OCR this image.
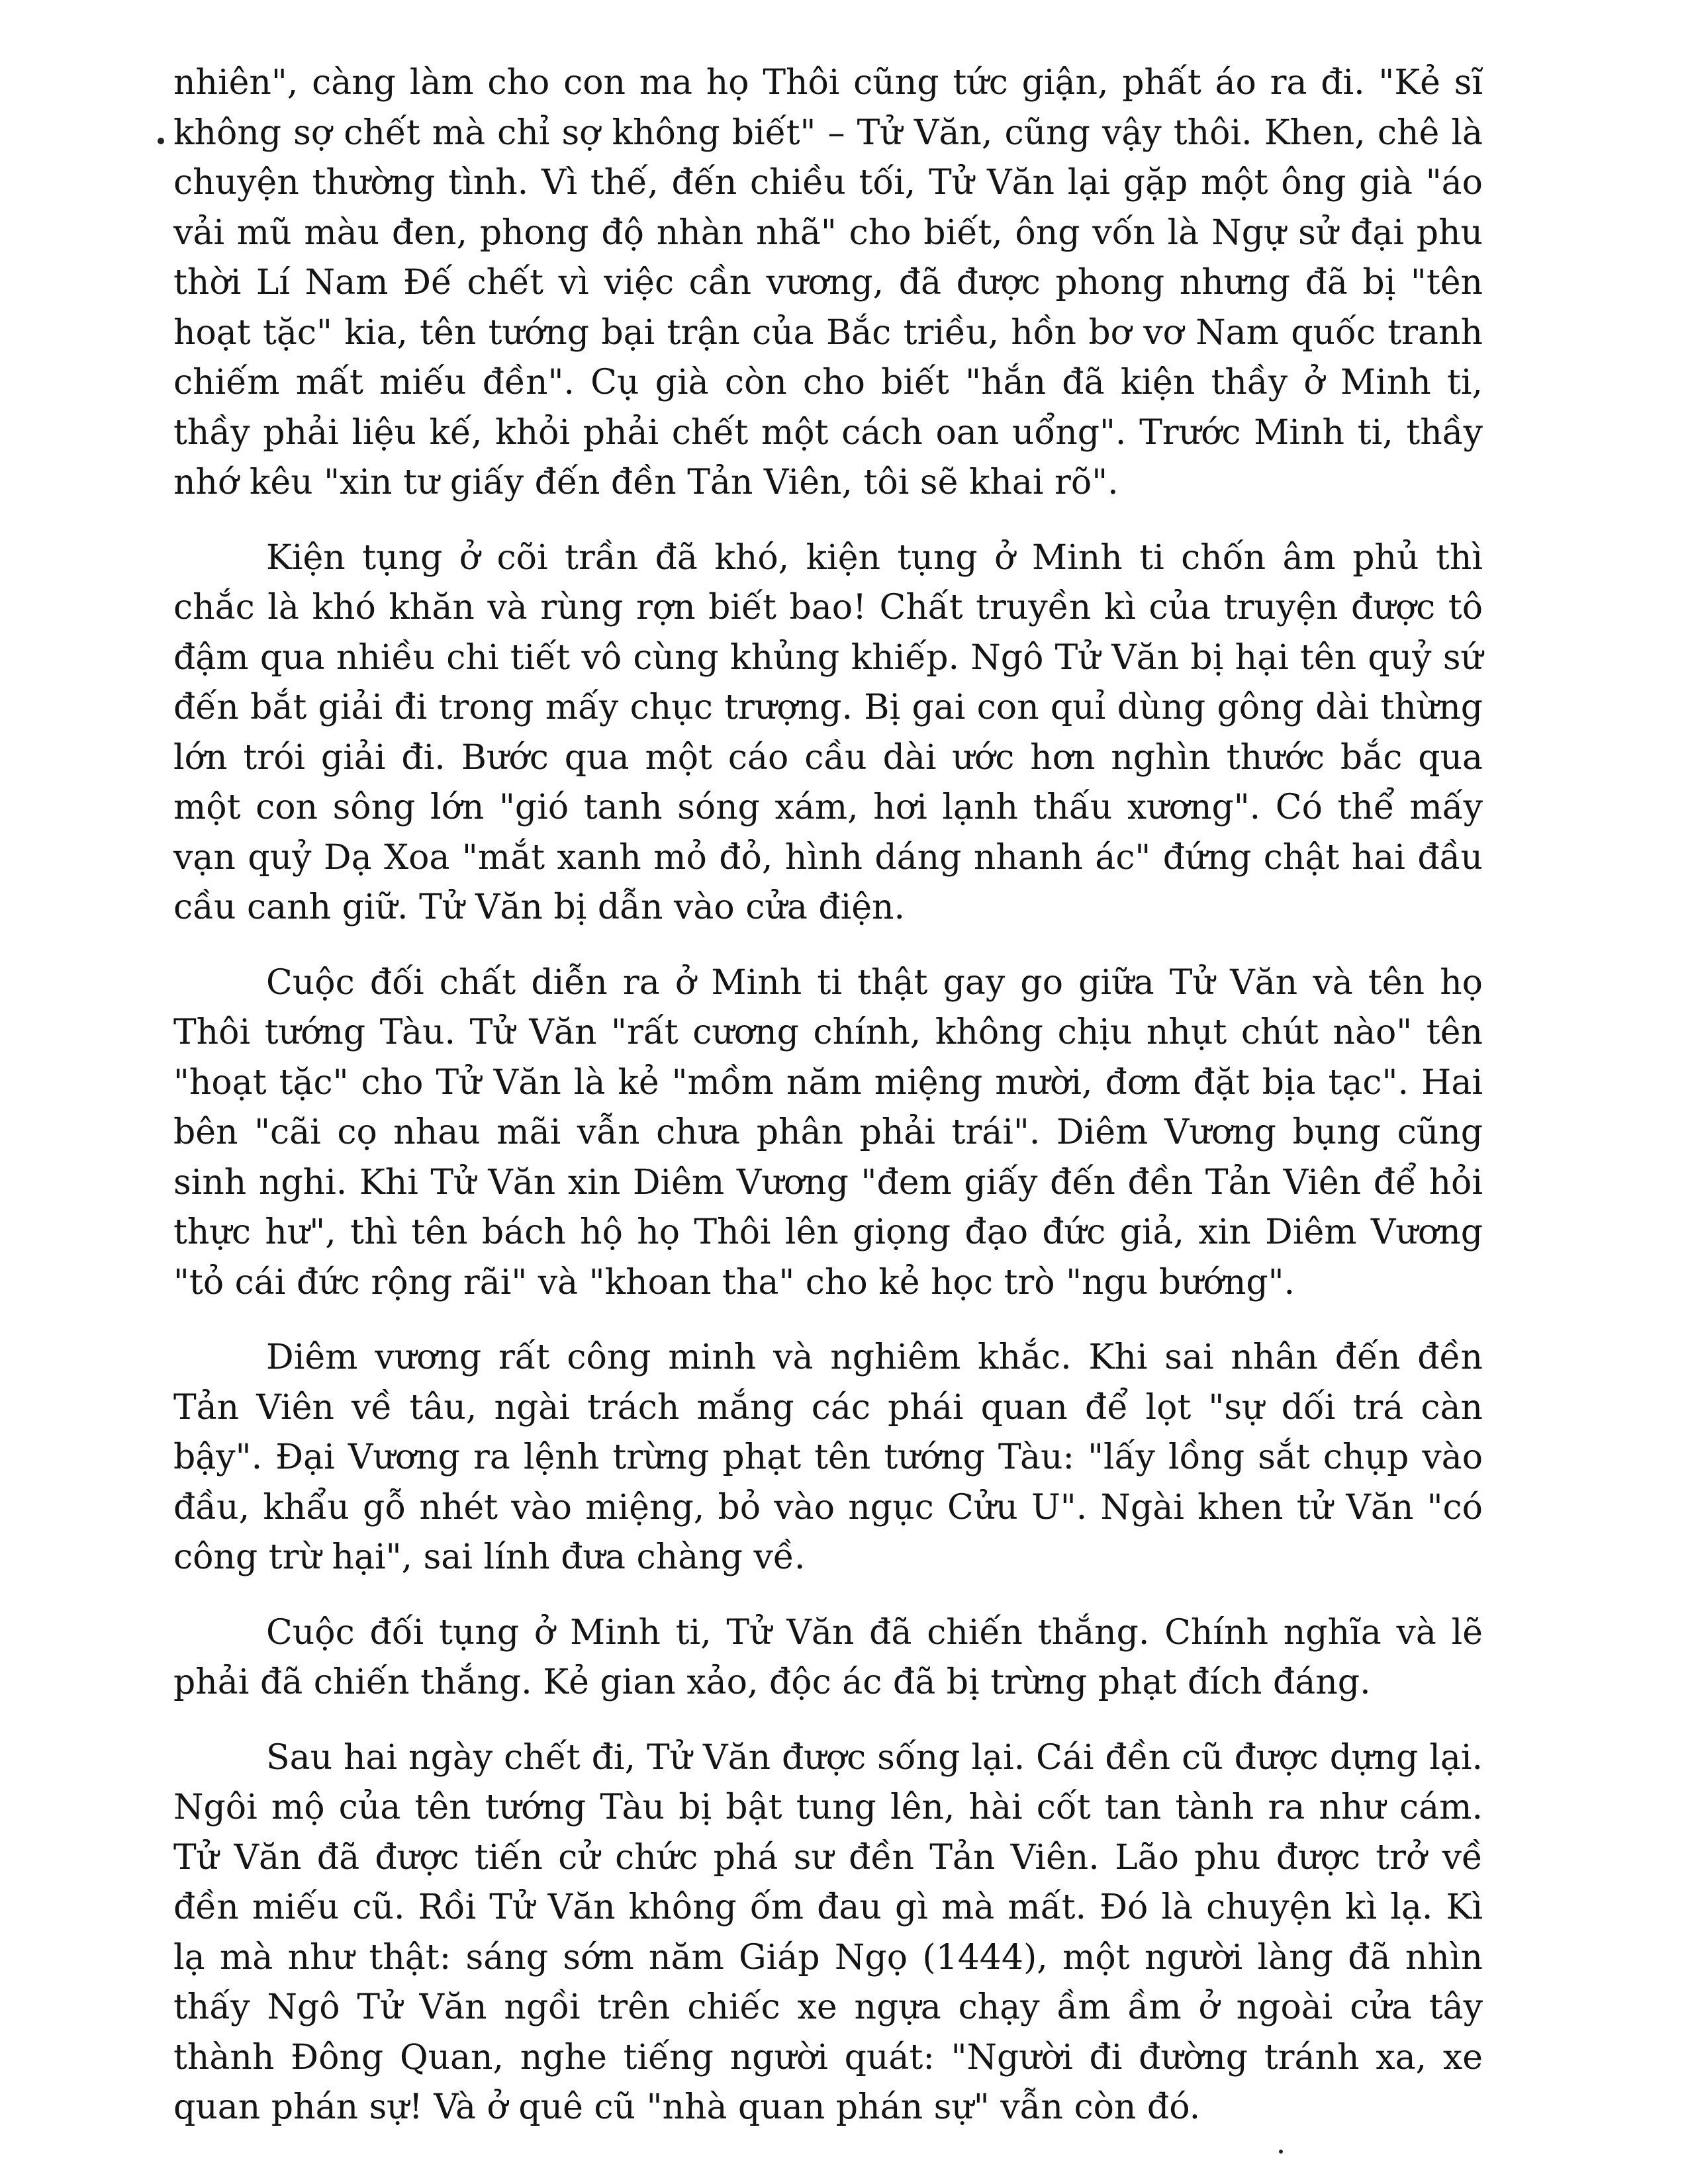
nhiên", càng làm cho con ma họ Thôi cũng tức giận, phất áo ra đi. "Kẻ sĩ không sợ chết mà chỉ sợ không biết" – Tử Văn, cũng vậy thôi. Khen, chê là chuyện thường tình. Vì thế, đến chiều tối, Tử Văn lại gặp một ông già "áo vải mũ màu đen, phong độ nhàn nhã" cho biết, ông vốn là Ngự sử đại phu thời Lí Nam Đế chết vì việc cần vương, đã được phong nhưng đã bị "tên hoạt tặc" kia, tên tướng bại trận của Bắc triều, hồn bơ vơ Nam quốc tranh chiếm mất miếu đền". Cụ già còn cho biết "hắn đã kiện thầy ở Minh ti, thầy phải liệu kế, khỏi phải chết một cách oan uổng". Trước Minh ti, thầy nhớ kêu "xin tư giấy đến đền Tản Viên, tôi sẽ khai rõ".

Kiện tụng ở cõi trần đã khó, kiện tụng ở Minh ti chốn âm phủ thì chắc là khó khăn và rùng rợn biết bao! Chất truyền kì của truyện được tô đậm qua nhiều chi tiết vô cùng khủng khiếp. Ngô Tử Văn bị hại tên quỷ sứ đến bắt giải đi trong mấy chục trượng. Bị gai con quỉ dùng gông dài thừng lớn trói giải đi. Bước qua một cáo cầu dài ước hơn nghìn thước bắc qua một con sông lớn "gió tanh sóng xám, hơi lạnh thấu xương". Có thể mấy vạn quỷ Dạ Xoa "mắt xanh mỏ đỏ, hình dáng nhanh ác" đứng chật hai đầu cầu canh giữ. Tử Văn bị dẫn vào cửa điện.

Cuộc đối chất diễn ra ở Minh ti thật gay go giữa Tử Văn và tên họ Thôi tướng Tàu. Tử Văn "rất cương chính, không chịu nhụt chút nào" tên "hoạt tặc" cho Tử Văn là kẻ "mồm năm miệng mười, đơm đặt bịa tạc". Hai bên "cãi cọ nhau mãi vẫn chưa phân phải trái". Diêm Vương bụng cũng sinh nghi. Khi Tử Văn xin Diêm Vương "đem giấy đến đền Tản Viên để hỏi thực hư", thì tên bách hộ họ Thôi lên giọng đạo đức giả, xin Diêm Vương "tỏ cái đức rộng rãi" và "khoan tha" cho kẻ học trò "ngu bướng".

Diêm vương rất công minh và nghiêm khắc. Khi sai nhân đến đền Tản Viên về tâu, ngài trách mắng các phái quan để lọt "sự dối trá càn bậy". Đại Vương ra lệnh trừng phạt tên tướng Tàu: "lấy lồng sắt chụp vào đầu, khẩu gỗ nhét vào miệng, bỏ vào ngục Cửu U". Ngài khen tử Văn "có công trừ hại", sai lính đưa chàng về.

Cuộc đối tụng ở Minh ti, Tử Văn đã chiến thắng. Chính nghĩa và lẽ phải đã chiến thắng. Kẻ gian xảo, độc ác đã bị trừng phạt đích đáng.

Sau hai ngày chết đi, Tử Văn được sống lại. Cái đền cũ được dựng lại. Ngôi mộ của tên tướng Tàu bị bật tung lên, hài cốt tan tành ra như cám. Tử Văn đã được tiến cử chức phá sư đền Tản Viên. Lão phu được trở về đền miếu cũ. Rồi Tử Văn không ốm đau gì mà mất. Đó là chuyện kì lạ. Kì lạ mà như thật: sáng sớm năm Giáp Ngọ (1444), một người làng đã nhìn thấy Ngô Tử Văn ngồi trên chiếc xe ngựa chạy ầm ầm ở ngoài cửa tây thành Đông Quan, nghe tiếng người quát: "Người đi đường tránh xa, xe quan phán sự! Và ở quê cũ "nhà quan phán sự" vẫn còn đó.
